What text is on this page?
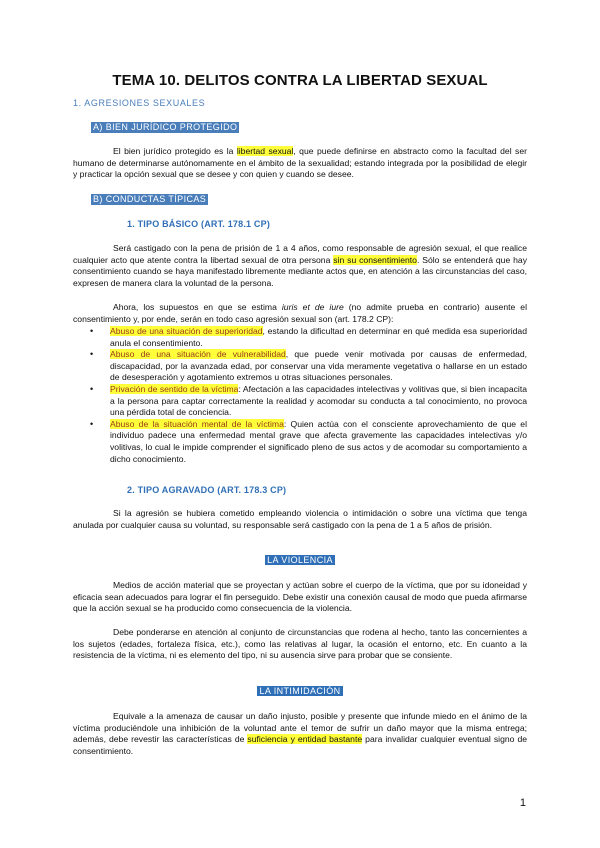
TEMA 10. DELITOS CONTRA LA LIBERTAD SEXUAL
1. AGRESIONES SEXUALES
A) BIEN JURÍDICO PROTEGIDO

El bien jurídico protegido es la libertad sexual, que puede definirse en abstracto como la facultad del ser humano de determinarse autónomamente en el ámbito de la sexualidad; estando integrada por la posibilidad de elegir y practicar la opción sexual que se desee y con quien y cuando se desee.

B) CONDUCTAS TÍPICAS
1. TIPO BÁSICO (ART. 178.1 CP)

Será castigado con la pena de prisión de 1 a 4 años, como responsable de agresión sexual, el que realice cualquier acto que atente contra la libertad sexual de otra persona sin su consentimiento. Sólo se entenderá que hay consentimiento cuando se haya manifestado libremente mediante actos que, en atención a las circunstancias del caso, expresen de manera clara la voluntad de la persona.

Ahora, los supuestos en que se estima iuris et de iure (no admite prueba en contrario) ausente el consentimiento y, por ende, serán en todo caso agresión sexual son (art. 178.2 CP):

• Abuso de una situación de superioridad, estando la dificultad en determinar en qué medida esa superioridad anula el consentimiento.
• Abuso de una situación de vulnerabilidad, que puede venir motivada por causas de enfermedad, discapacidad, por la avanzada edad, por conservar una vida meramente vegetativa o hallarse en un estado de desesperación y agotamiento extremos u otras situaciones personales.
• Privación de sentido de la víctima: Afectación a las capacidades intelectivas y volitivas que, si bien incapacita a la persona para captar correctamente la realidad y acomodar su conducta a tal conocimiento, no provoca una pérdida total de conciencia.
• Abuso de la situación mental de la víctima: Quien actúa con el consciente aprovechamiento de que el individuo padece una enfermedad mental grave que afecta gravemente las capacidades intelectivas y/o volitivas, lo cual le impide comprender el significado pleno de sus actos y de acomodar su comportamiento a dicho conocimiento.
2. TIPO AGRAVADO (ART. 178.3 CP)

Si la agresión se hubiera cometido empleando violencia o intimidación o sobre una víctima que tenga anulada por cualquier causa su voluntad, su responsable será castigado con la pena de 1 a 5 años de prisión.

LA VIOLENCIA

Medios de acción material que se proyectan y actúan sobre el cuerpo de la víctima, que por su idoneidad y eficacia sean adecuados para lograr el fin perseguido. Debe existir una conexión causal de modo que pueda afirmarse que la acción sexual se ha producido como consecuencia de la violencia.

Debe ponderarse en atención al conjunto de circunstancias que rodena al hecho, tanto las concernientes a los sujetos (edades, fortaleza física, etc.), como las relativas al lugar, la ocasión el entorno, etc. En cuanto a la resistencia de la víctima, ni es elemento del tipo, ni su ausencia sirve para probar que se consiente.

LA INTIMIDACIÓN

Equivale a la amenaza de causar un daño injusto, posible y presente que infunde miedo en el ánimo de la víctima produciéndole una inhibición de la voluntad ante el temor de sufrir un daño mayor que la misma entrega; además, debe revestir las características de suficiencia y entidad bastante para invalidar cualquier eventual signo de consentimiento.

1
